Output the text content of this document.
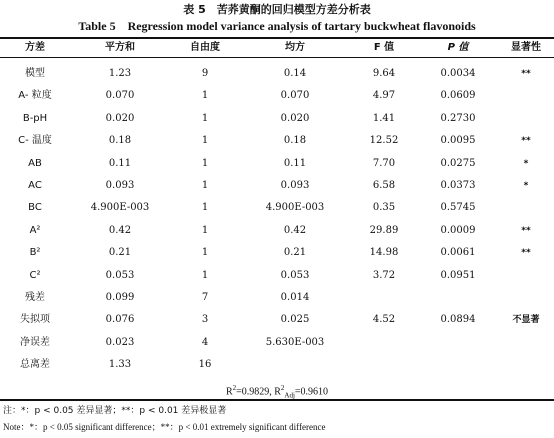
表 5　苦荞黄酮的回归模型方差分析表
Table 5　Regression model variance analysis of tartary buckwheat flavonoids
方差	平方和	自由度	均方	F 值	P 值	显著性
模型	1.23	9	0.14	9.64	0.0034	**
A- 粒度	0.070	1	0.070	4.97	0.0609
B-pH	0.020	1	0.020	1.41	0.2730
C- 温度	0.18	1	0.18	12.52	0.0095	**
AB	0.11	1	0.11	7.70	0.0275	*
AC	0.093	1	0.093	6.58	0.0373	*
BC	4.900E-003	1	4.900E-003	0.35	0.5745
A²	0.42	1	0.42	29.89	0.0009	**
B²	0.21	1	0.21	14.98	0.0061	**
C²	0.053	1	0.053	3.72	0.0951
残差	0.099	7	0.014
失拟项	0.076	3	0.025	4.52	0.0894	不显著
净误差	0.023	4	5.630E-003
总离差	1.33	16
$R^2=0.9829$, $R^2_{Adj}=0.9610$
注：*：p < 0.05 差异显著；**：p < 0.01 差异极显著
Note：*：p < 0.05 significant difference；**：p < 0.01 extremely significant difference
